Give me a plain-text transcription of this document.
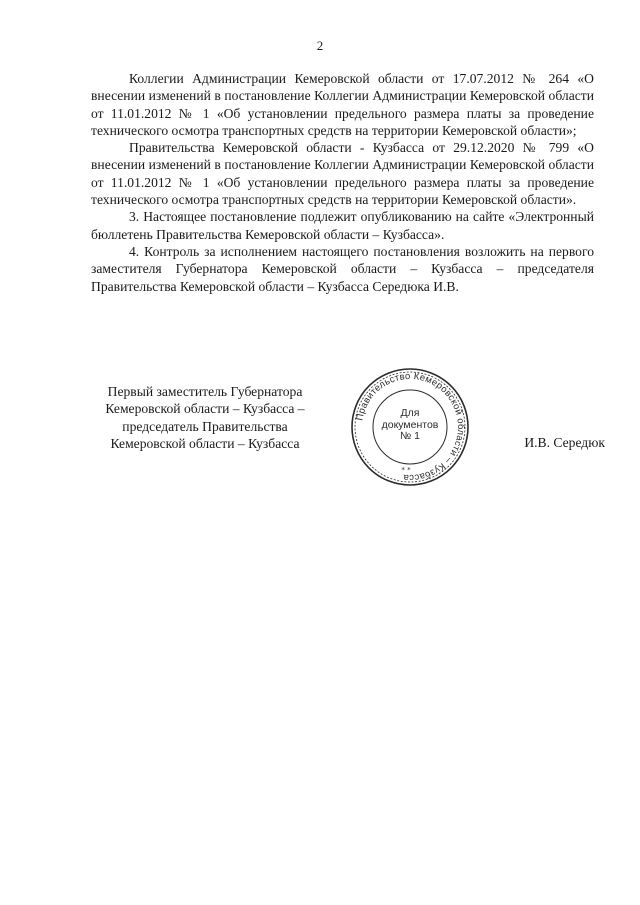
2

Коллегии Администрации Кемеровской области от 17.07.2012 № 264 «О внесении изменений в постановление Коллегии Администрации Кемеровской области от 11.01.2012 № 1 «Об установлении предельного размера платы за проведение технического осмотра транспортных средств на территории Кемеровской области»;

Правительства Кемеровской области - Кузбасса от 29.12.2020 № 799 «О внесении изменений в постановление Коллегии Администрации Кемеровской области от 11.01.2012 № 1 «Об установлении предельного размера платы за проведение технического осмотра транспортных средств на территории Кемеровской области».

3. Настоящее постановление подлежит опубликованию на сайте «Электронный бюллетень Правительства Кемеровской области – Кузбасса».

4. Контроль за исполнением настоящего постановления возложить на первого заместителя Губернатора Кемеровской области – Кузбасса – председателя Правительства Кемеровской области – Кузбасса Середюка И.В.

Первый заместитель Губернатора
Кемеровской области – Кузбасса –
председатель Правительства
Кемеровской области – Кузбасса
Правительство Кемеровской области – Кузбасса
* *
Для
документов
№ 1	И.В. Середюк
